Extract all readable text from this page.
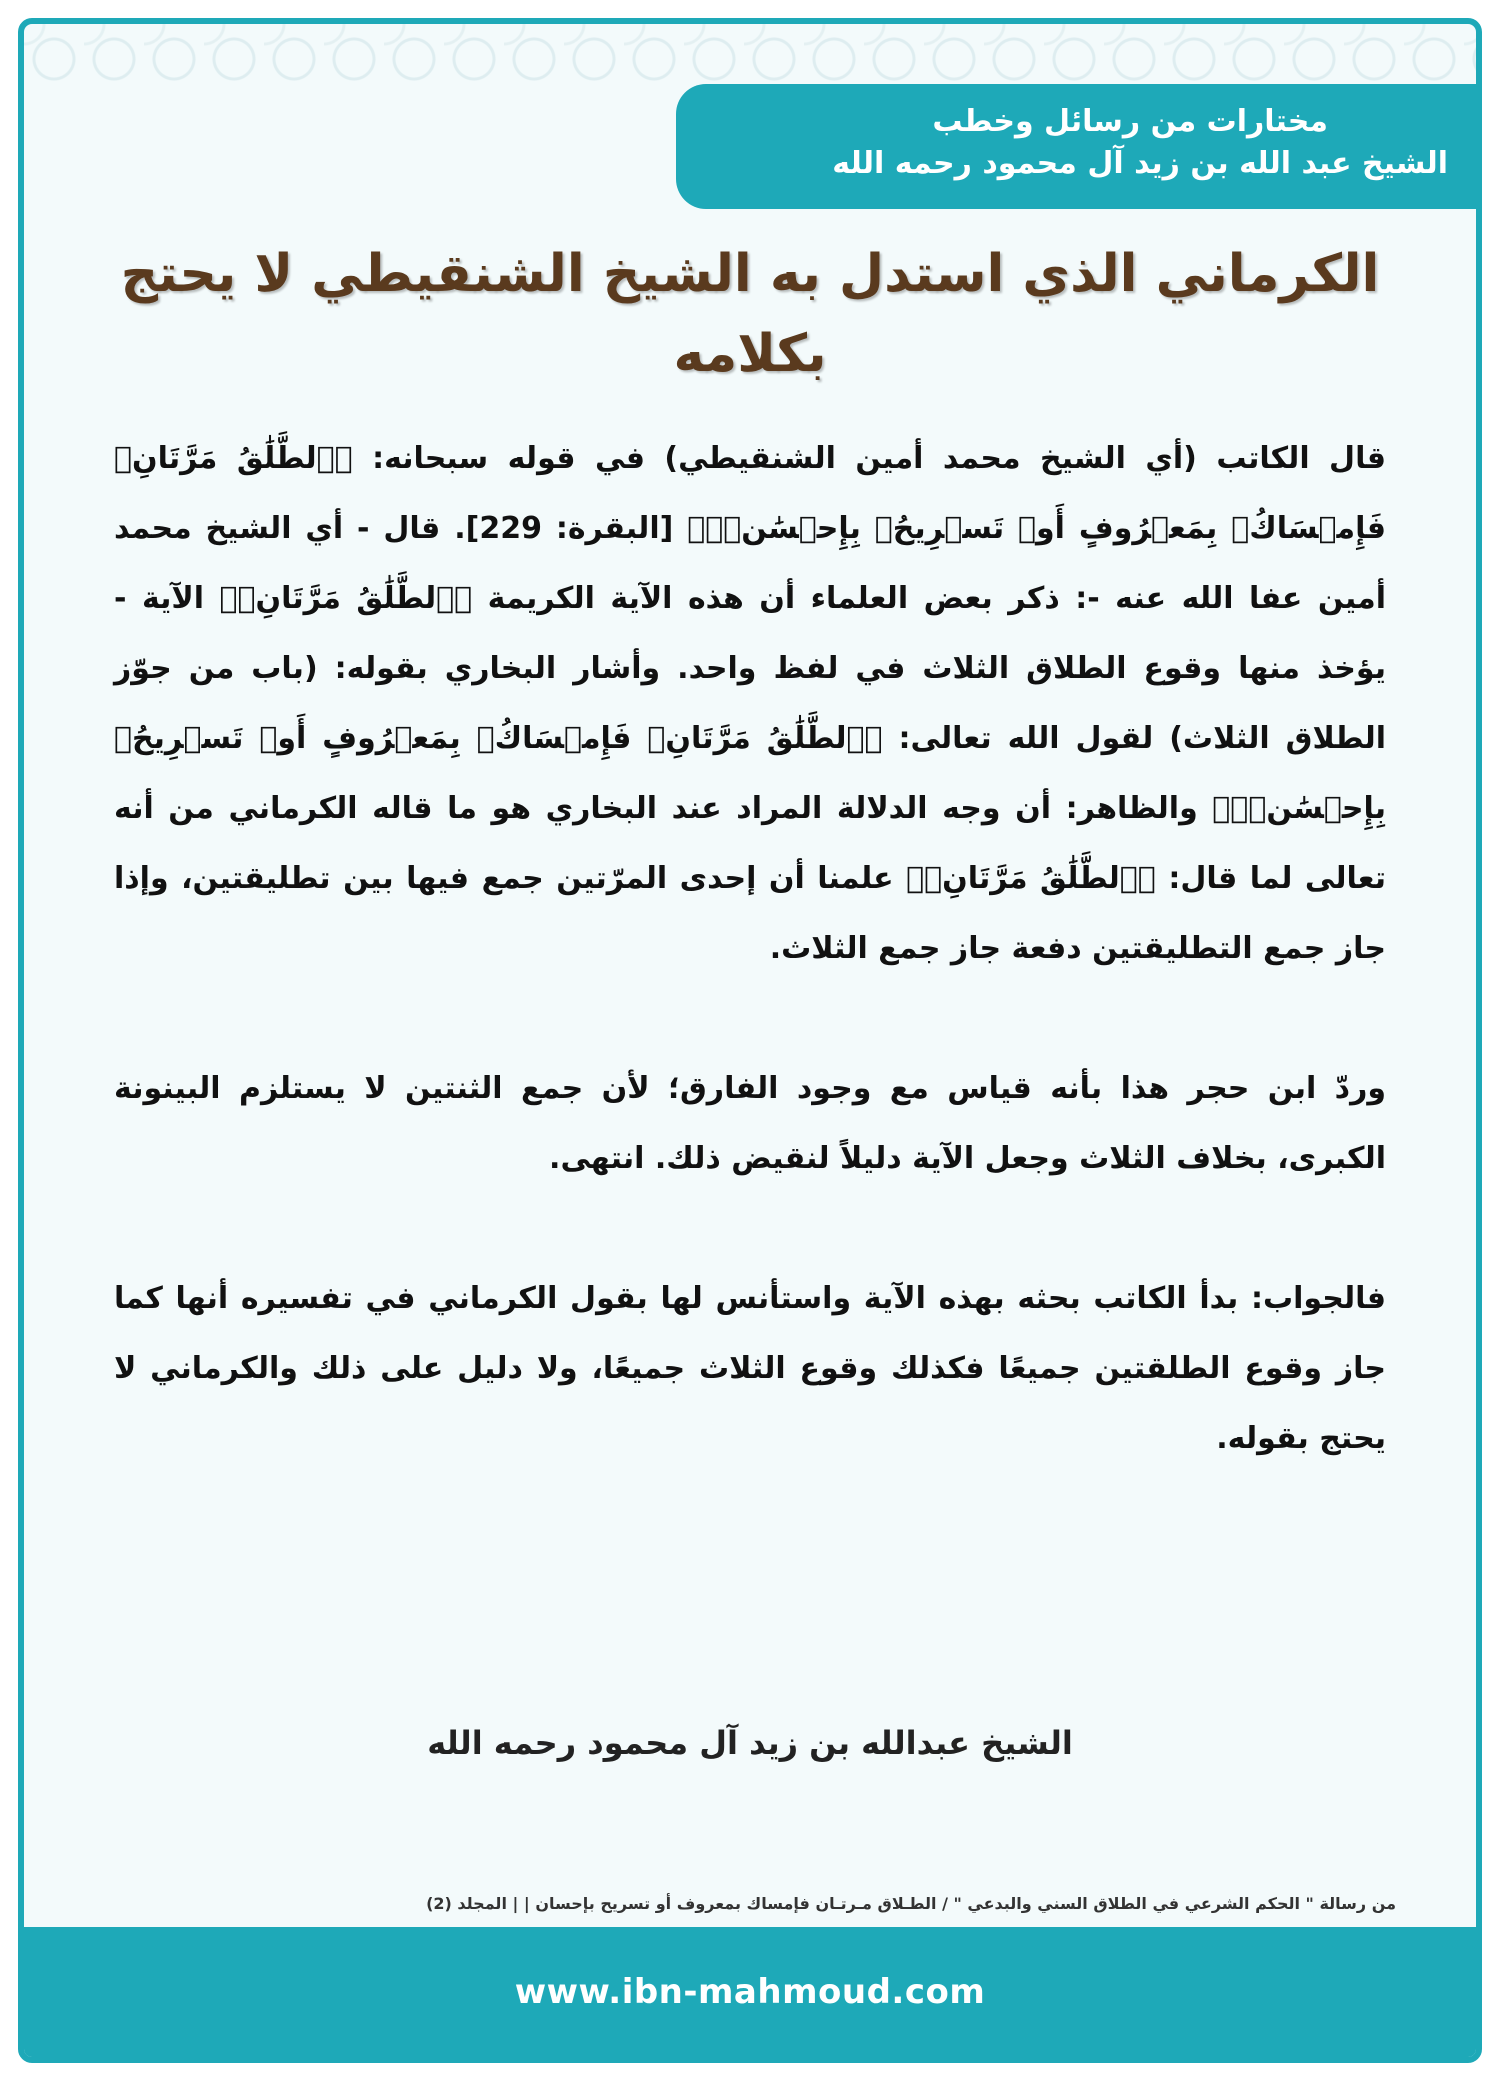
مختارات من رسائل وخطب
الشيخ عبد الله بن زيد آل محمود رحمه الله
الكرماني الذي استدل به الشيخ الشنقيطي لا يحتج بكلامه

قال الكاتب (أي الشيخ محمد أمين الشنقيطي) في قوله سبحانه: ﴿ٱلطَّلَٰقُ مَرَّتَانِۖ فَإِمۡسَاكُۢ بِمَعۡرُوفٍ أَوۡ تَسۡرِيحُۢ بِإِحۡسَٰنٖۗ﴾ [البقرة: 229]. قال - أي الشيخ محمد أمين عفا الله عنه -: ذكر بعض العلماء أن هذه الآية الكريمة ﴿ٱلطَّلَٰقُ مَرَّتَانِۖ﴾ الآية - يؤخذ منها وقوع الطلاق الثلاث في لفظ واحد. وأشار البخاري بقوله: (باب من جوّز الطلاق الثلاث) لقول الله تعالى: ﴿ٱلطَّلَٰقُ مَرَّتَانِۖ فَإِمۡسَاكُۢ بِمَعۡرُوفٍ أَوۡ تَسۡرِيحُۢ بِإِحۡسَٰنٖۗ﴾ والظاهر: أن وجه الدلالة المراد عند البخاري هو ما قاله الكرماني من أنه تعالى لما قال: ﴿ٱلطَّلَٰقُ مَرَّتَانِۖ﴾ علمنا أن إحدى المرّتين جمع فيها بين تطليقتين، وإذا جاز جمع التطليقتين دفعة جاز جمع الثلاث.

وردّ ابن حجر هذا بأنه قياس مع وجود الفارق؛ لأن جمع الثنتين لا يستلزم البينونة الكبرى، بخلاف الثلاث وجعل الآية دليلاً لنقيض ذلك. انتهى.

فالجواب: بدأ الكاتب بحثه بهذه الآية واستأنس لها بقول الكرماني في تفسيره أنها كما جاز وقوع الطلقتين جميعًا فكذلك وقوع الثلاث جميعًا، ولا دليل على ذلك والكرماني لا يحتج بقوله.

الشيخ عبدالله بن زيد آل محمود رحمه الله
من رسالة " الحكم الشرعي في الطلاق السني والبدعي " / الطـلاق مـرتـان فإمساك بمعروف أو تسريح بإحسان | | المجلد (2)
www.ibn-mahmoud.com
